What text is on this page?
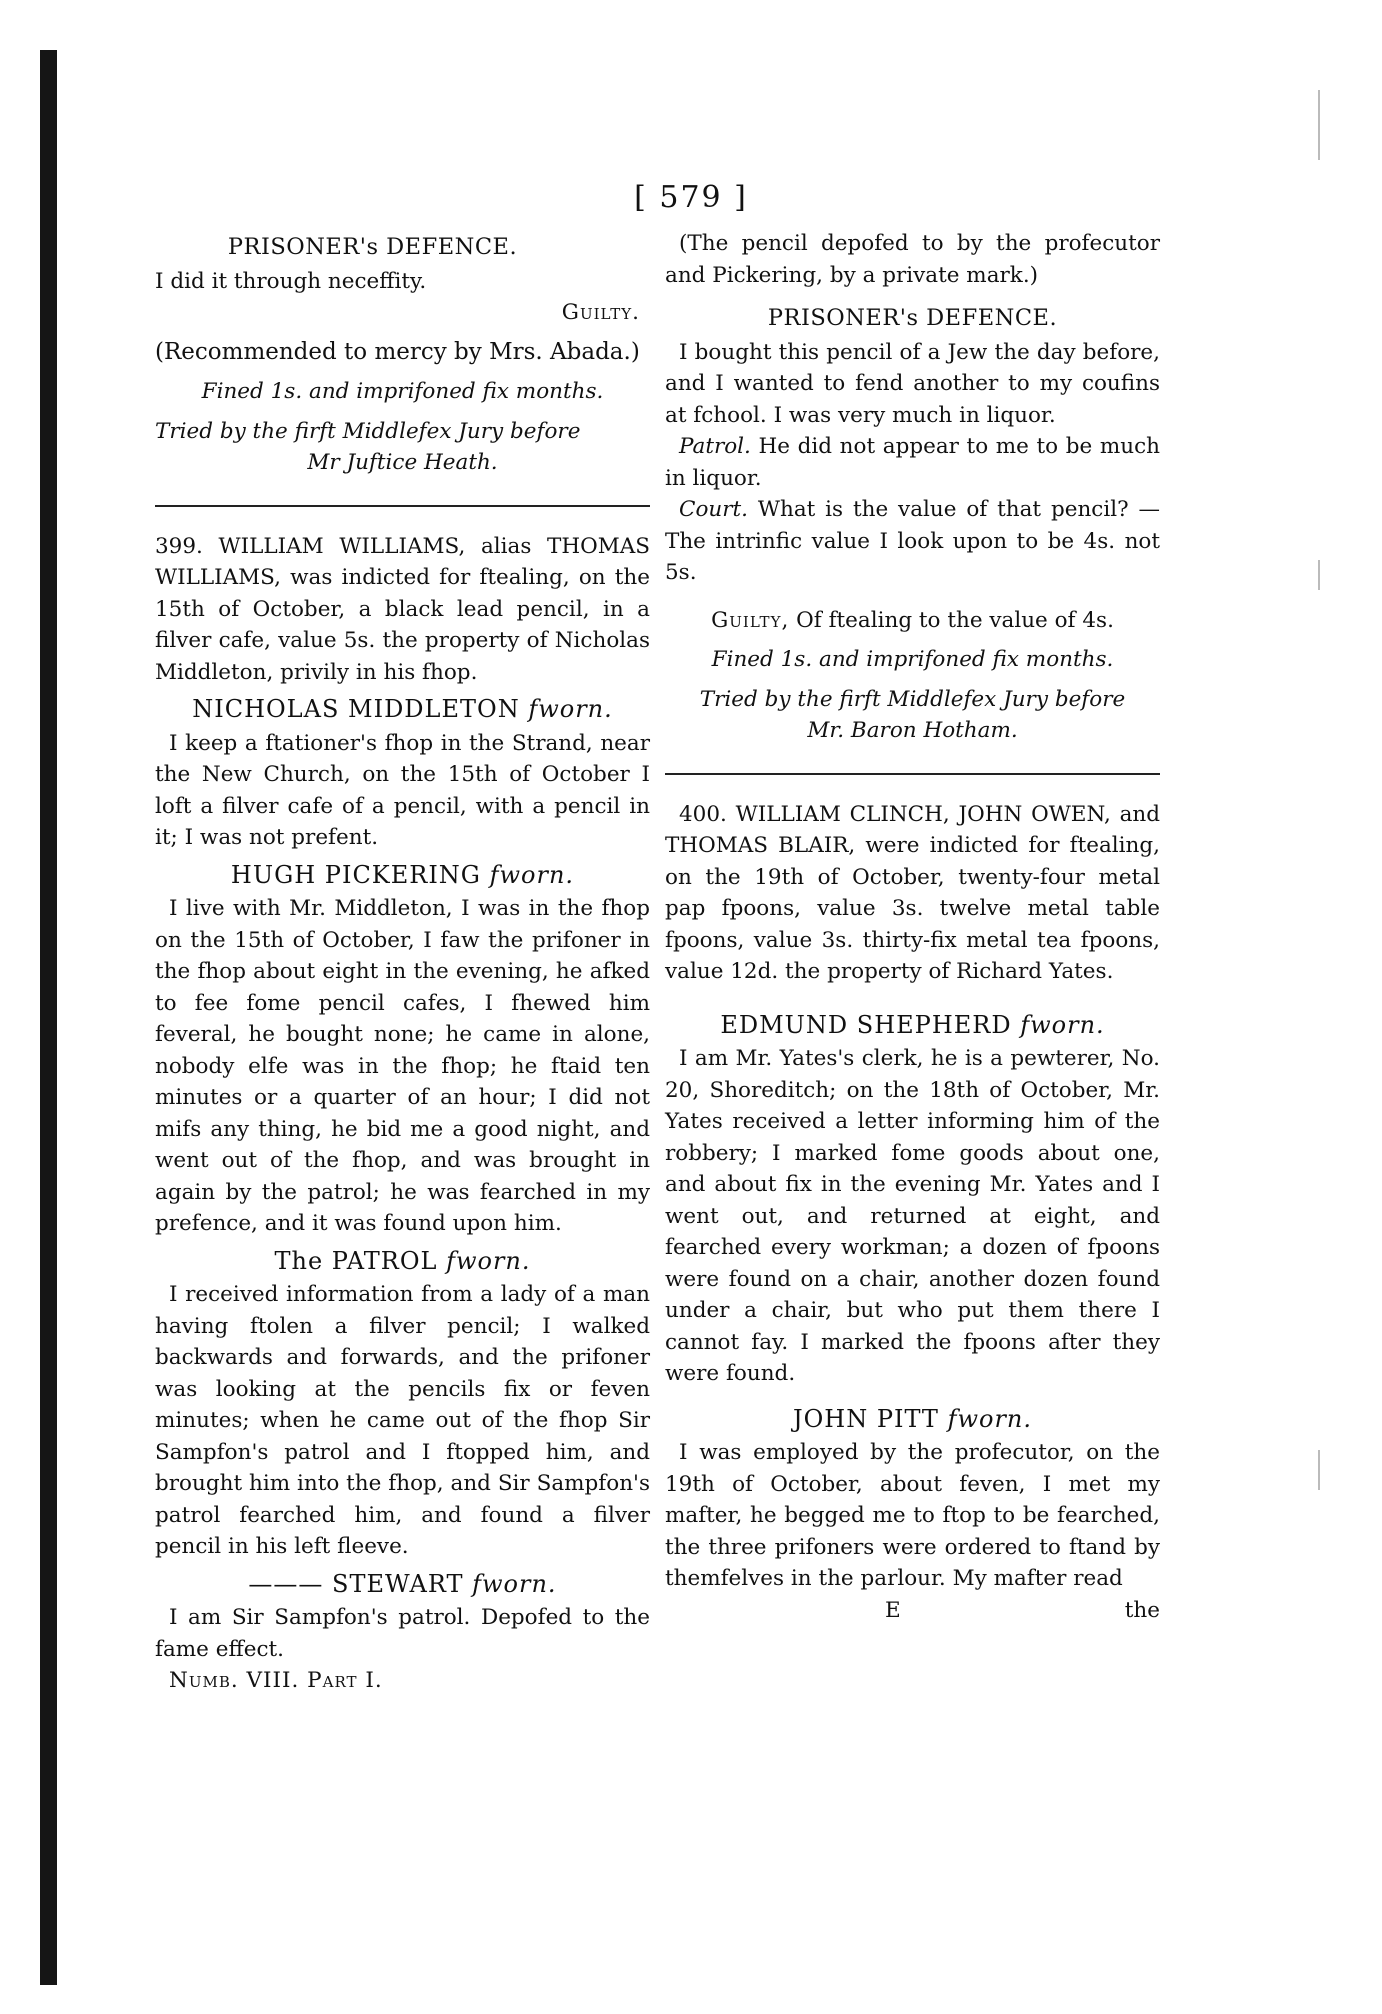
[ 579 ]
PRISONER's DEFENCE.

I did it through neceffity.

Guilty.
(Recommended to mercy by Mrs. Abada.)
Fined 1s. and imprifoned fix months.
Tried by the firft Middlefex Jury before
Mr Juftice Heath.

399. WILLIAM WILLIAMS, alias THOMAS WILLIAMS, was indicted for ftealing, on the 15th of October, a black lead pencil, in a filver cafe, value 5s. the property of Nicholas Middleton, privily in his fhop.

NICHOLAS MIDDLETON fworn.

I keep a ftationer's fhop in the Strand, near the New Church, on the 15th of October I loft a filver cafe of a pencil, with a pencil in it; I was not prefent.

HUGH PICKERING fworn.

I live with Mr. Middleton, I was in the fhop on the 15th of October, I faw the prifoner in the fhop about eight in the evening, he afked to fee fome pencil cafes, I fhewed him feveral, he bought none; he came in alone, nobody elfe was in the fhop; he ftaid ten minutes or a quarter of an hour; I did not mifs any thing, he bid me a good night, and went out of the fhop, and was brought in again by the patrol; he was fearched in my prefence, and it was found upon him.

The PATROL fworn.

I received information from a lady of a man having ftolen a filver pencil; I walked backwards and forwards, and the prifoner was looking at the pencils fix or feven minutes; when he came out of the fhop Sir Sampfon's patrol and I ftopped him, and brought him into the fhop, and Sir Sampfon's patrol fearched him, and found a filver pencil in his left fleeve.

——— STEWART fworn.

I am Sir Sampfon's patrol. Depofed to the fame effect.

Numb. VIII. Part I.

(The pencil depofed to by the profecutor and Pickering, by a private mark.)

PRISONER's DEFENCE.

I bought this pencil of a Jew the day before, and I wanted to fend another to my coufins at fchool. I was very much in liquor.

Patrol. He did not appear to me to be much in liquor.

Court. What is the value of that pencil? —The intrinfic value I look upon to be 4s. not 5s.

Guilty, Of ftealing to the value of 4s.
Fined 1s. and imprifoned fix months.
Tried by the firft Middlefex Jury before
Mr. Baron Hotham.

400. WILLIAM CLINCH, JOHN OWEN, and THOMAS BLAIR, were indicted for ftealing, on the 19th of October, twenty-four metal pap fpoons, value 3s. twelve metal table fpoons, value 3s. thirty-fix metal tea fpoons, value 12d. the property of Richard Yates.

EDMUND SHEPHERD fworn.

I am Mr. Yates's clerk, he is a pewterer, No. 20, Shoreditch; on the 18th of October, Mr. Yates received a letter informing him of the robbery; I marked fome goods about one, and about fix in the evening Mr. Yates and I went out, and returned at eight, and fearched every workman; a dozen of fpoons were found on a chair, another dozen found under a chair, but who put them there I cannot fay. I marked the fpoons after they were found.

JOHN PITT fworn.

I was employed by the profecutor, on the 19th of October, about feven, I met my mafter, he begged me to ftop to be fearched, the three prifoners were ordered to ftand by themfelves in the parlour. My mafter read

E	the
